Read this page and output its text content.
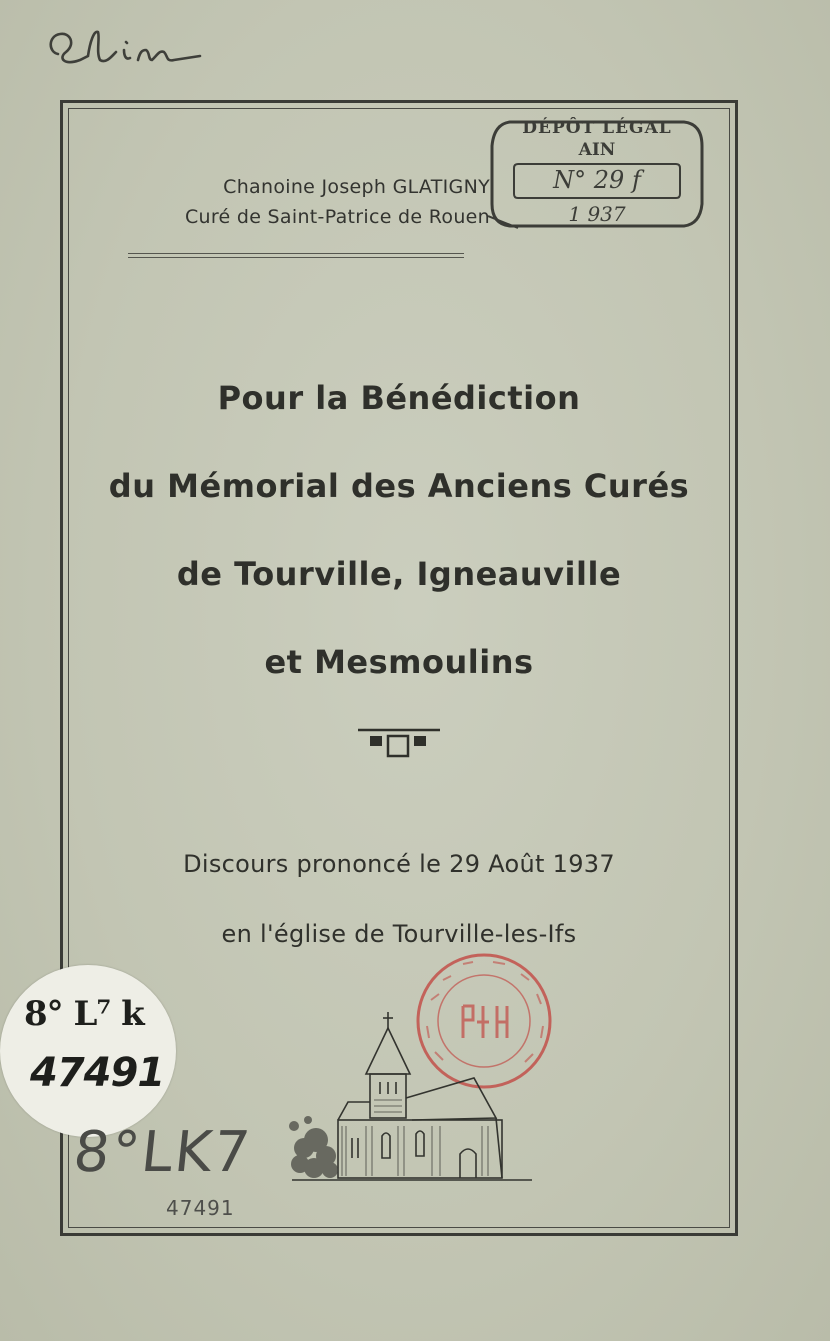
Chanoine Joseph GLATIGNY
Curé de Saint-Patrice de Rouen
DÉPÔT LÉGAL
AIN
N° 29 f
1 937
Pour la Bénédiction
du Mémorial des Anciens Curés
de Tourville, Igneauville
et Mesmoulins
Discours prononcé le 29 Août 1937
en l'église de Tourville-les-Ifs
8° L⁷ k
47491
8°LK7
47491
